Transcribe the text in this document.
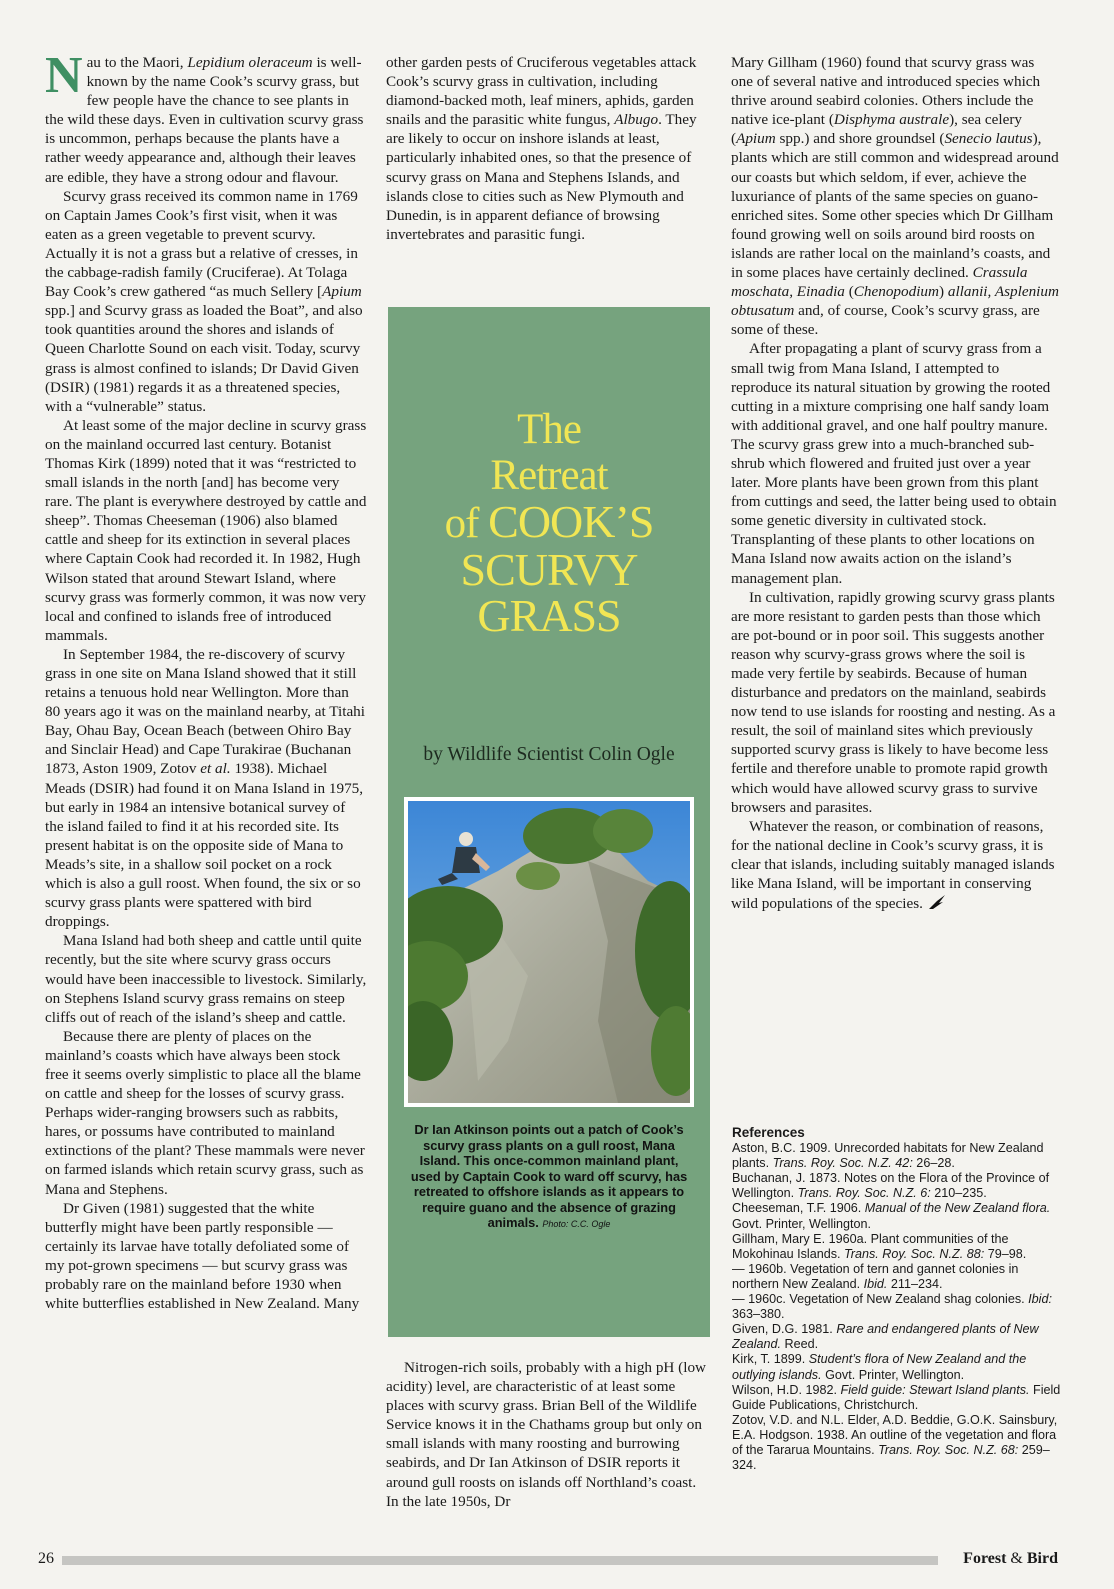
Nau to the Maori, Lepidium oleraceum is well-known by the name Cook’s scurvy grass, but few people have the chance to see plants in the wild these days. Even in cultivation scurvy grass is uncommon, perhaps because the plants have a rather weedy appearance and, although their leaves are edible, they have a strong odour and flavour.

Scurvy grass received its common name in 1769 on Captain James Cook’s first visit, when it was eaten as a green vegetable to prevent scurvy. Actually it is not a grass but a relative of cresses, in the cabbage-radish family (Cruciferae). At Tolaga Bay Cook’s crew gathered “as much Sellery [Apium spp.] and Scurvy grass as loaded the Boat”, and also took quantities around the shores and islands of Queen Charlotte Sound on each visit. Today, scurvy grass is almost confined to islands; Dr David Given (DSIR) (1981) regards it as a threatened species, with a “vulnerable” status.

At least some of the major decline in scurvy grass on the mainland occurred last century. Botanist Thomas Kirk (1899) noted that it was “restricted to small islands in the north [and] has become very rare. The plant is everywhere destroyed by cattle and sheep”. Thomas Cheeseman (1906) also blamed cattle and sheep for its extinction in several places where Captain Cook had recorded it. In 1982, Hugh Wilson stated that around Stewart Island, where scurvy grass was formerly common, it was now very local and confined to islands free of introduced mammals.

In September 1984, the re-discovery of scurvy grass in one site on Mana Island showed that it still retains a tenuous hold near Wellington. More than 80 years ago it was on the mainland nearby, at Titahi Bay, Ohau Bay, Ocean Beach (between Ohiro Bay and Sinclair Head) and Cape Turakirae (Buchanan 1873, Aston 1909, Zotov et al. 1938). Michael Meads (DSIR) had found it on Mana Island in 1975, but early in 1984 an intensive botanical survey of the island failed to find it at his recorded site. Its present habitat is on the opposite side of Mana to Meads’s site, in a shallow soil pocket on a rock which is also a gull roost. When found, the six or so scurvy grass plants were spattered with bird droppings.

Mana Island had both sheep and cattle until quite recently, but the site where scurvy grass occurs would have been inaccessible to livestock. Similarly, on Stephens Island scurvy grass remains on steep cliffs out of reach of the island’s sheep and cattle.

Because there are plenty of places on the mainland’s coasts which have always been stock free it seems overly simplistic to place all the blame on cattle and sheep for the losses of scurvy grass. Perhaps wider-ranging browsers such as rabbits, hares, or possums have contributed to mainland extinctions of the plant? These mammals were never on farmed islands which retain scurvy grass, such as Mana and Stephens.

Dr Given (1981) suggested that the white butterfly might have been partly responsible — certainly its larvae have totally defoliated some of my pot-grown specimens — but scurvy grass was probably rare on the mainland before 1930 when white butterflies established in New Zealand. Many

other garden pests of Cruciferous vegetables attack Cook’s scurvy grass in cultivation, including diamond-backed moth, leaf miners, aphids, garden snails and the parasitic white fungus, Albugo. They are likely to occur on inshore islands at least, particularly inhabited ones, so that the presence of scurvy grass on Mana and Stephens Islands, and islands close to cities such as New Plymouth and Dunedin, is in apparent defiance of browsing invertebrates and parasitic fungi.

The
Retreat
of COOK’S
SCURVY
GRASS
by Wildlife Scientist Colin Ogle
Dr Ian Atkinson points out a patch of Cook’s scurvy grass plants on a gull roost, Mana Island. This once-common mainland plant, used by Captain Cook to ward off scurvy, has retreated to offshore islands as it appears to require guano and the absence of grazing animals. Photo: C.C. Ogle

Nitrogen-rich soils, probably with a high pH (low acidity) level, are characteristic of at least some places with scurvy grass. Brian Bell of the Wildlife Service knows it in the Chathams group but only on small islands with many roosting and burrowing seabirds, and Dr Ian Atkinson of DSIR reports it around gull roosts on islands off Northland’s coast. In the late 1950s, Dr

Mary Gillham (1960) found that scurvy grass was one of several native and introduced species which thrive around seabird colonies. Others include the native ice-plant (Disphyma australe), sea celery (Apium spp.) and shore groundsel (Senecio lautus), plants which are still common and widespread around our coasts but which seldom, if ever, achieve the luxuriance of plants of the same species on guano-enriched sites. Some other species which Dr Gillham found growing well on soils around bird roosts on islands are rather local on the mainland’s coasts, and in some places have certainly declined. Crassula moschata, Einadia (Chenopodium) allanii, Asplenium obtusatum and, of course, Cook’s scurvy grass, are some of these.

After propagating a plant of scurvy grass from a small twig from Mana Island, I attempted to reproduce its natural situation by growing the rooted cutting in a mixture comprising one half sandy loam with additional gravel, and one half poultry manure. The scurvy grass grew into a much-branched sub-shrub which flowered and fruited just over a year later. More plants have been grown from this plant from cuttings and seed, the latter being used to obtain some genetic diversity in cultivated stock. Transplanting of these plants to other locations on Mana Island now awaits action on the island’s management plan.

In cultivation, rapidly growing scurvy grass plants are more resistant to garden pests than those which are pot-bound or in poor soil. This suggests another reason why scurvy-grass grows where the soil is made very fertile by seabirds. Because of human disturbance and predators on the mainland, seabirds now tend to use islands for roosting and nesting. As a result, the soil of mainland sites which previously supported scurvy grass is likely to have become less fertile and therefore unable to promote rapid growth which would have allowed scurvy grass to survive browsers and parasites.

Whatever the reason, or combination of reasons, for the national decline in Cook’s scurvy grass, it is clear that islands, including suitably managed islands like Mana Island, will be important in conserving wild populations of the species.

References
Aston, B.C. 1909. Unrecorded habitats for New Zealand plants. Trans. Roy. Soc. N.Z. 42: 26–28.
Buchanan, J. 1873. Notes on the Flora of the Province of Wellington. Trans. Roy. Soc. N.Z. 6: 210–235.
Cheeseman, T.F. 1906. Manual of the New Zealand flora. Govt. Printer, Wellington.
Gillham, Mary E. 1960a. Plant communities of the Mokohinau Islands. Trans. Roy. Soc. N.Z. 88: 79–98.
— 1960b. Vegetation of tern and gannet colonies in northern New Zealand. Ibid. 211–234.
— 1960c. Vegetation of New Zealand shag colonies. Ibid: 363–380.
Given, D.G. 1981. Rare and endangered plants of New Zealand. Reed.
Kirk, T. 1899. Student’s flora of New Zealand and the outlying islands. Govt. Printer, Wellington.
Wilson, H.D. 1982. Field guide: Stewart Island plants. Field Guide Publications, Christchurch.
Zotov, V.D. and N.L. Elder, A.D. Beddie, G.O.K. Sainsbury, E.A. Hodgson. 1938. An outline of the vegetation and flora of the Tararua Mountains. Trans. Roy. Soc. N.Z. 68: 259–324.
26	Forest & Bird
